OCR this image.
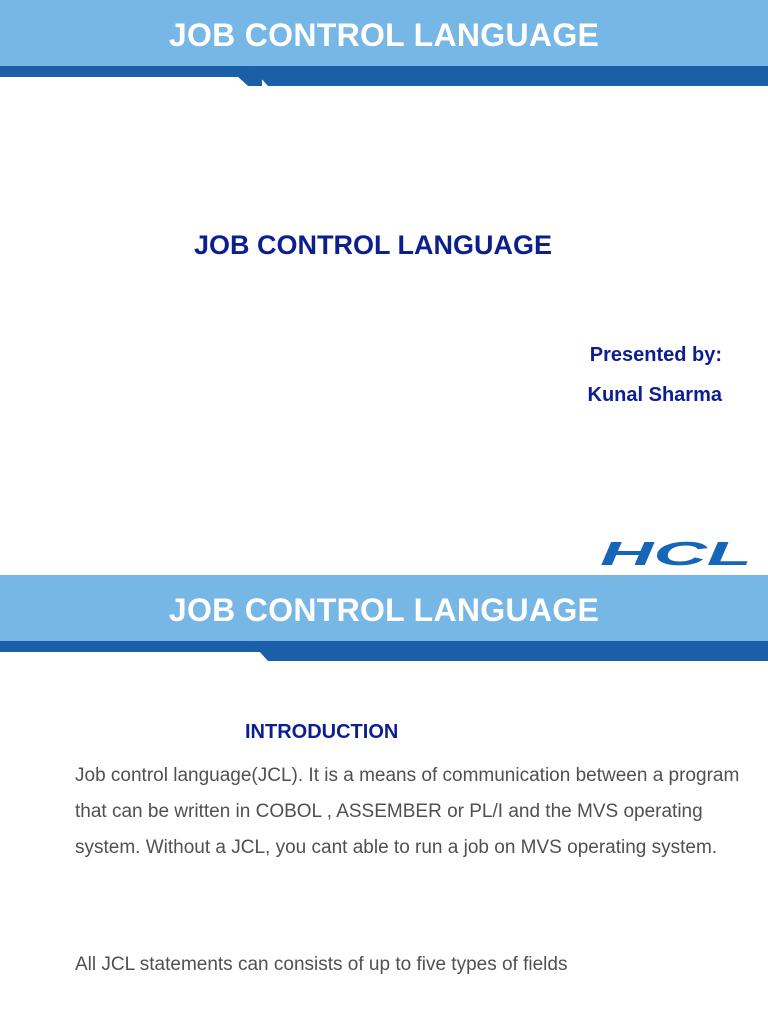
JOB CONTROL LANGUAGE
JOB CONTROL LANGUAGE
Presented by:
Kunal Sharma
HCL
JOB CONTROL LANGUAGE
INTRODUCTION

Job control language(JCL). It is a means of communication between a program that can be written in COBOL , ASSEMBER or PL/I and the MVS operating system. Without a JCL, you cant able to run a job on MVS operating system.

All JCL statements can consists of up to five types of fields
